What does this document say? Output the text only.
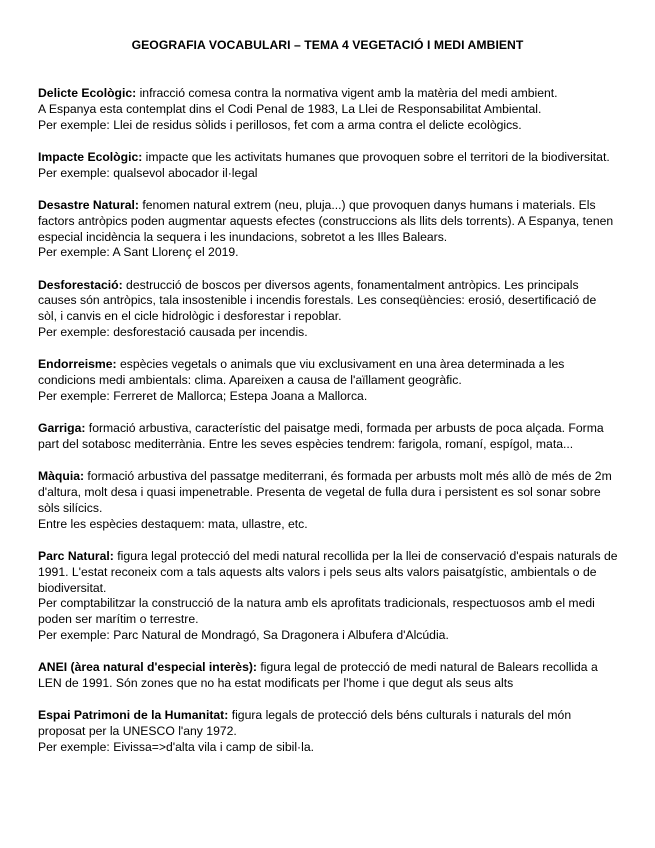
GEOGRAFIA VOCABULARI – TEMA 4 VEGETACIÓ I MEDI AMBIENT
Delicte Ecològic: infracció comesa contra la normativa vigent amb la matèria del medi ambient.
A Espanya esta contemplat dins el Codi Penal de 1983, La Llei de Responsabilitat Ambiental.
Per exemple: Llei de residus sòlids i perillosos, fet com a arma contra el delicte ecològics.
Impacte Ecològic: impacte que les activitats humanes que provoquen sobre el territori de la biodiversitat.
Per exemple: qualsevol abocador il·legal
Desastre Natural: fenomen natural extrem (neu, pluja...) que provoquen danys humans i materials. Els factors antròpics poden augmentar aquests efectes (construccions als llits dels torrents). A Espanya, tenen especial incidència la sequera i les inundacions, sobretot a les Illes Balears.
Per exemple: A Sant Llorenç el 2019.
Desforestació: destrucció de boscos per diversos agents, fonamentalment antròpics. Les principals causes són antròpics, tala insostenible i incendis forestals. Les conseqüències: erosió, desertificació de sòl, i canvis en el cicle hidrològic i desforestar i repoblar.
Per exemple: desforestació causada per incendis.
Endorreisme: espècies vegetals o animals que viu exclusivament en una àrea determinada a les condicions medi ambientals: clima. Apareixen a causa de l'aïllament geogràfic.
Per exemple: Ferreret de Mallorca; Estepa Joana a Mallorca.
Garriga: formació arbustiva, característic del paisatge medi, formada per arbusts de poca alçada. Forma part del sotabosc mediterrània. Entre les seves espècies tendrem: farigola, romaní, espígol, mata...
Màquia: formació arbustiva del passatge mediterrani, és formada per arbusts molt més allò de més de 2m d'altura, molt desa i quasi impenetrable. Presenta de vegetal de fulla dura i persistent es sol sonar sobre sòls silícics.
Entre les espècies destaquem: mata, ullastre, etc.
Parc Natural: figura legal protecció del medi natural recollida per la llei de conservació d'espais naturals de 1991. L'estat reconeix com a tals aquests alts valors i pels seus alts valors paisatgístic, ambientals o de biodiversitat.
Per comptabilitzar la construcció de la natura amb els aprofitats tradicionals, respectuosos amb el medi poden ser marítim o terrestre.
Per exemple: Parc Natural de Mondragó, Sa Dragonera i Albufera d'Alcúdia.
ANEI (àrea natural d'especial interès): figura legal de protecció de medi natural de Balears recollida a LEN de 1991. Són zones que no ha estat modificats per l'home i que degut als seus alts
Espai Patrimoni de la Humanitat: figura legals de protecció dels béns culturals i naturals del món proposat per la UNESCO l'any 1972.
Per exemple: Eivissa=>d'alta vila i camp de sibil·la.
